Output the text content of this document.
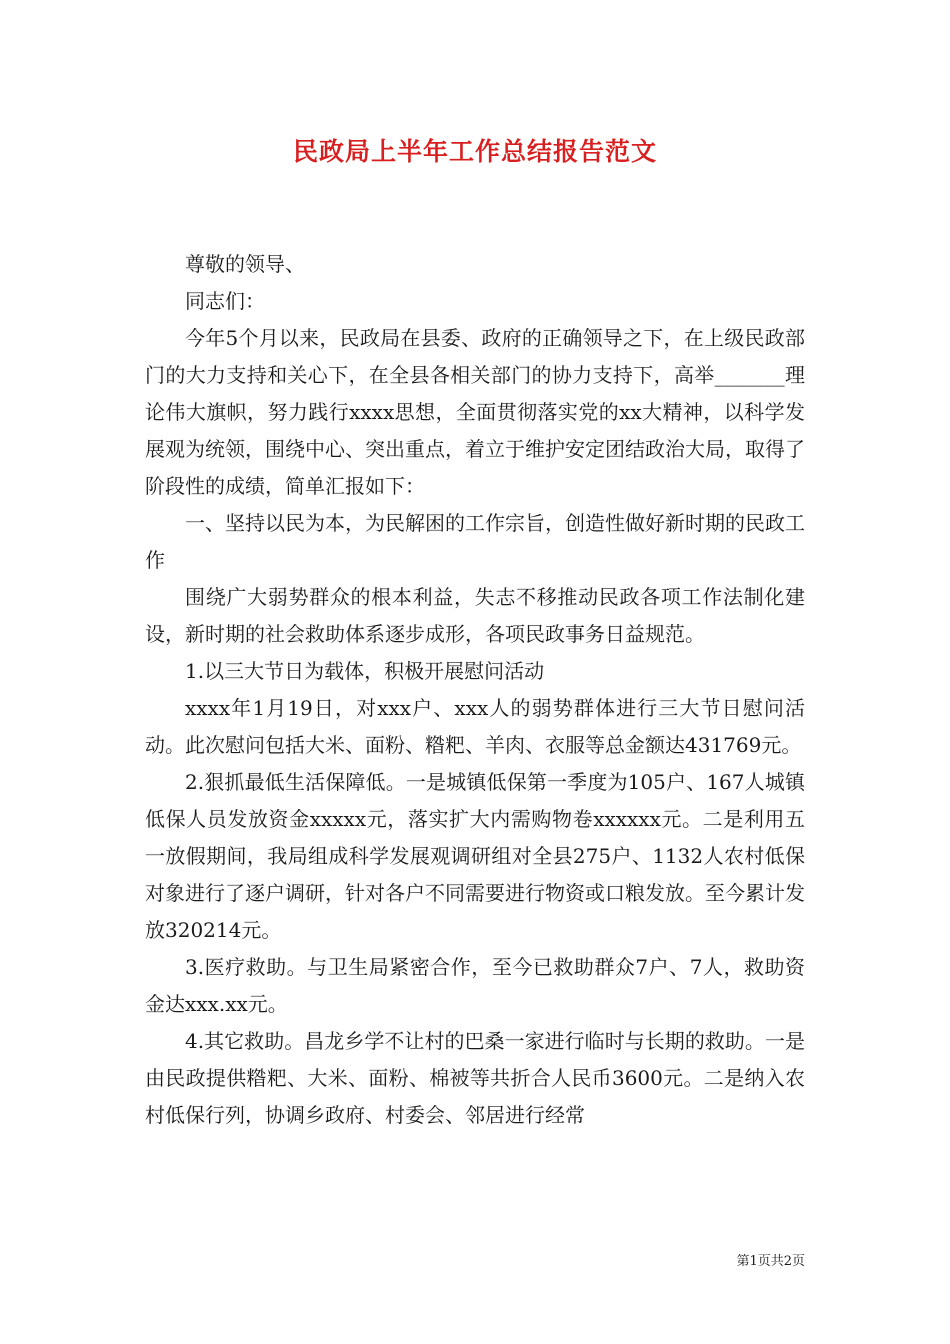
民政局上半年工作总结报告范文

尊敬的领导、

同志们：

今年5个月以来，民政局在县委、政府的正确领导之下，在上级民政部门的大力支持和关心下，在全县各相关部门的协力支持下，高举_______理论伟大旗帜，努力践行xxxx思想，全面贯彻落实党的xx大精神，以科学发展观为统领，围绕中心、突出重点，着立于维护安定团结政治大局，取得了阶段性的成绩，简单汇报如下：

一、坚持以民为本，为民解困的工作宗旨，创造性做好新时期的民政工作

围绕广大弱势群众的根本利益，失志不移推动民政各项工作法制化建设，新时期的社会救助体系逐步成形，各项民政事务日益规范。

1.以三大节日为载体，积极开展慰问活动

xxxx年1月19日，对xxx户、xxx人的弱势群体进行三大节日慰问活动。此次慰问包括大米、面粉、糌粑、羊肉、衣服等总金额达431769元。

2.狠抓最低生活保障低。一是城镇低保第一季度为105户、167人城镇低保人员发放资金xxxxx元，落实扩大内需购物卷xxxxxx元。二是利用五一放假期间，我局组成科学发展观调研组对全县275户、1132人农村低保对象进行了逐户调研，针对各户不同需要进行物资或口粮发放。至今累计发放320214元。

3.医疗救助。与卫生局紧密合作，至今已救助群众7户、7人，救助资金达xxx.xx元。

4.其它救助。昌龙乡学不让村的巴桑一家进行临时与长期的救助。一是由民政提供糌粑、大米、面粉、棉被等共折合人民币3600元。二是纳入农村低保行列，协调乡政府、村委会、邻居进行经常

第1页共2页
